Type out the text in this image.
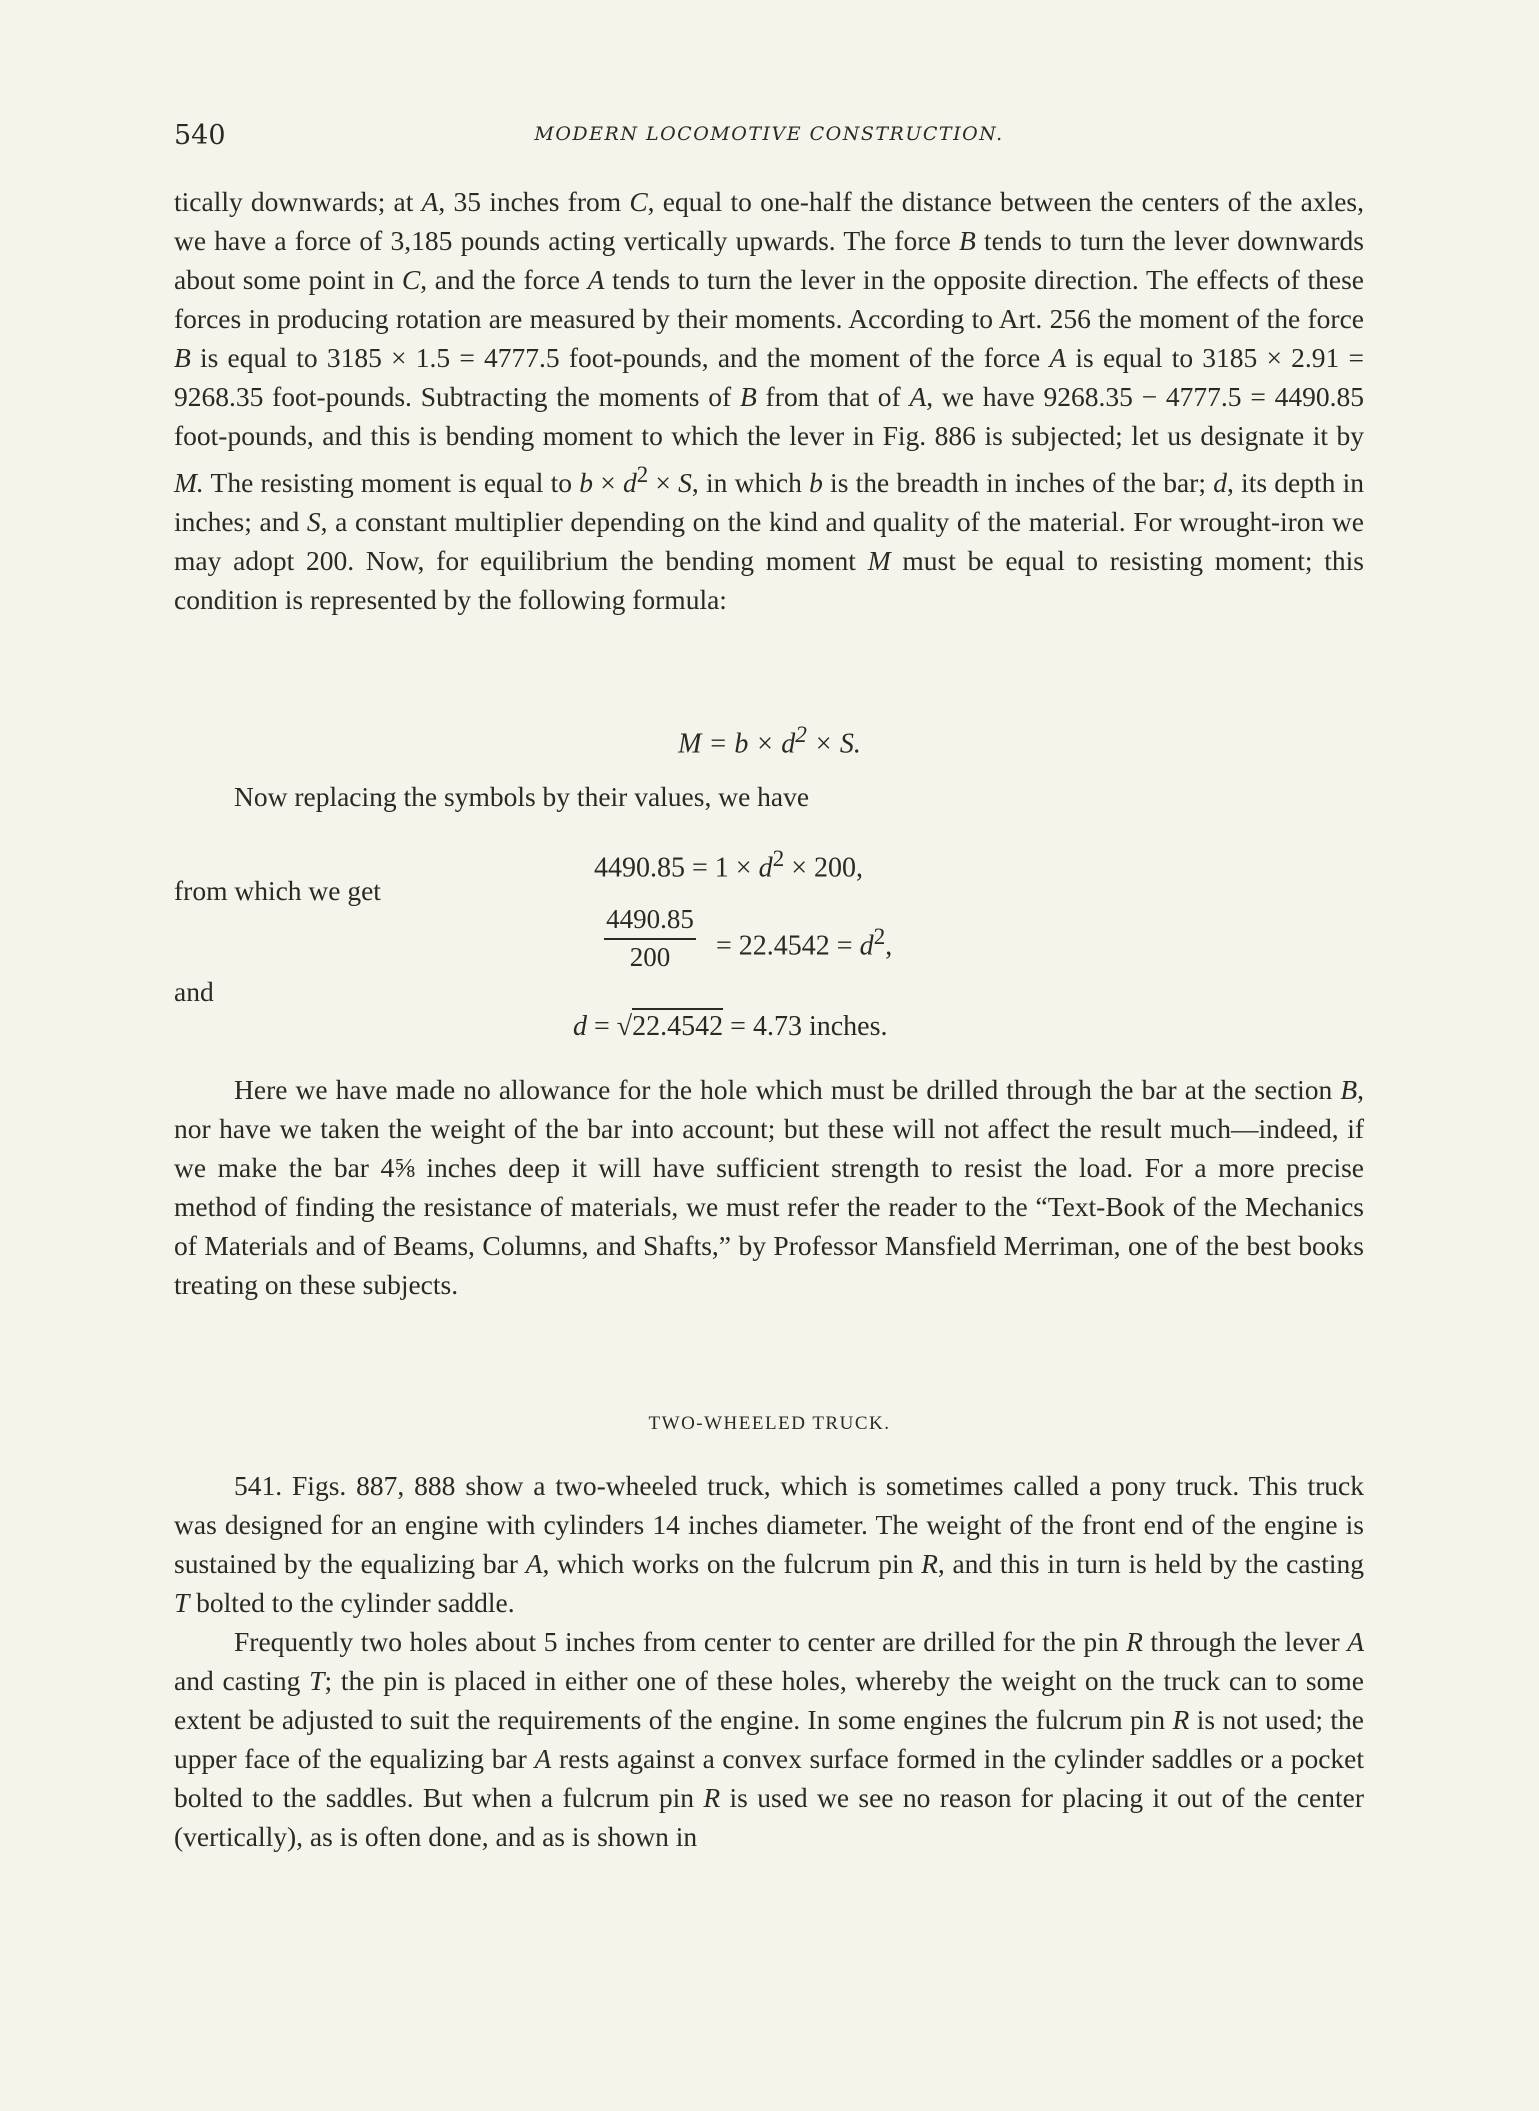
540	MODERN LOCOMOTIVE CONSTRUCTION.

tically downwards; at A, 35 inches from C, equal to one-half the distance between the centers of the axles, we have a force of 3,185 pounds acting vertically upwards. The force B tends to turn the lever downwards about some point in C, and the force A tends to turn the lever in the opposite direction. The effects of these forces in producing rotation are measured by their moments. According to Art. 256 the moment of the force B is equal to 3185 × 1.5 = 4777.5 foot-pounds, and the moment of the force A is equal to 3185 × 2.91 = 9268.35 foot-pounds. Subtracting the moments of B from that of A, we have 9268.35 − 4777.5 = 4490.85 foot-pounds, and this is bending moment to which the lever in Fig. 886 is subjected; let us designate it by M. The resisting moment is equal to $b \times d^2 \times S$, in which b is the breadth in inches of the bar; d, its depth in inches; and S, a constant multiplier depending on the kind and quality of the material. For wrought-iron we may adopt 200. Now, for equilibrium the bending moment M must be equal to resisting moment; this condition is represented by the following formula:

$M = b \times d^2 \times S$.

Now replacing the symbols by their values, we have

$4490.85 = 1 \times d^2 \times 200$,
from which we get
$\frac{4490.85}{200} = 22.4542 = d^2$,
and
d = √22.4542 = 4.73 inches.

Here we have made no allowance for the hole which must be drilled through the bar at the section B, nor have we taken the weight of the bar into account; but these will not affect the result much—indeed, if we make the bar 4⅝ inches deep it will have sufficient strength to resist the load. For a more precise method of finding the resistance of materials, we must refer the reader to the “Text-Book of the Mechanics of Materials and of Beams, Columns, and Shafts,” by Professor Mansfield Merriman, one of the best books treating on these subjects.

TWO-WHEELED TRUCK.

541. Figs. 887, 888 show a two-wheeled truck, which is sometimes called a pony truck. This truck was designed for an engine with cylinders 14 inches diameter. The weight of the front end of the engine is sustained by the equalizing bar A, which works on the fulcrum pin R, and this in turn is held by the casting T bolted to the cylinder saddle.

Frequently two holes about 5 inches from center to center are drilled for the pin R through the lever A and casting T; the pin is placed in either one of these holes, whereby the weight on the truck can to some extent be adjusted to suit the requirements of the engine. In some engines the fulcrum pin R is not used; the upper face of the equalizing bar A rests against a convex surface formed in the cylinder saddles or a pocket bolted to the saddles. But when a fulcrum pin R is used we see no reason for placing it out of the center (vertically), as is often done, and as is shown in
